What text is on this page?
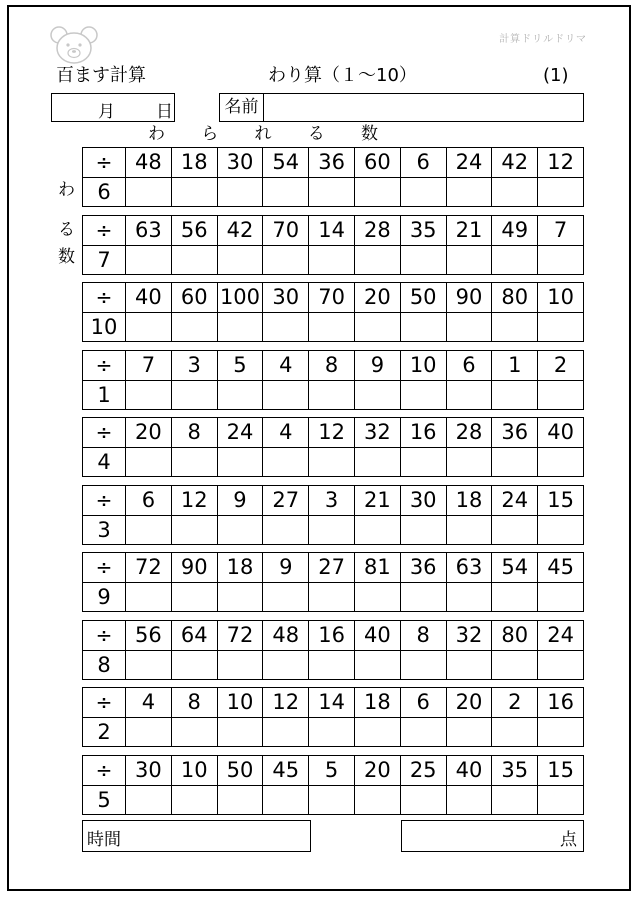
計算ドリルドリマ
百ます計算	わり算（１～10）	(1)
月 日	名前
わ ら れ る 数
わ
る
数
÷	48	18	30	54	36	60	6	24	42	12
6										
÷	63	56	42	70	14	28	35	21	49	7
7										
÷	40	60	100	30	70	20	50	90	80	10
10										
÷	7	3	5	4	8	9	10	6	1	2
1										
÷	20	8	24	4	12	32	16	28	36	40
4										
÷	6	12	9	27	3	21	30	18	24	15
3										
÷	72	90	18	9	27	81	36	63	54	45
9										
÷	56	64	72	48	16	40	8	32	80	24
8										
÷	4	8	10	12	14	18	6	20	2	16
2										
÷	30	10	50	45	5	20	25	40	35	15
5										
時間	点
